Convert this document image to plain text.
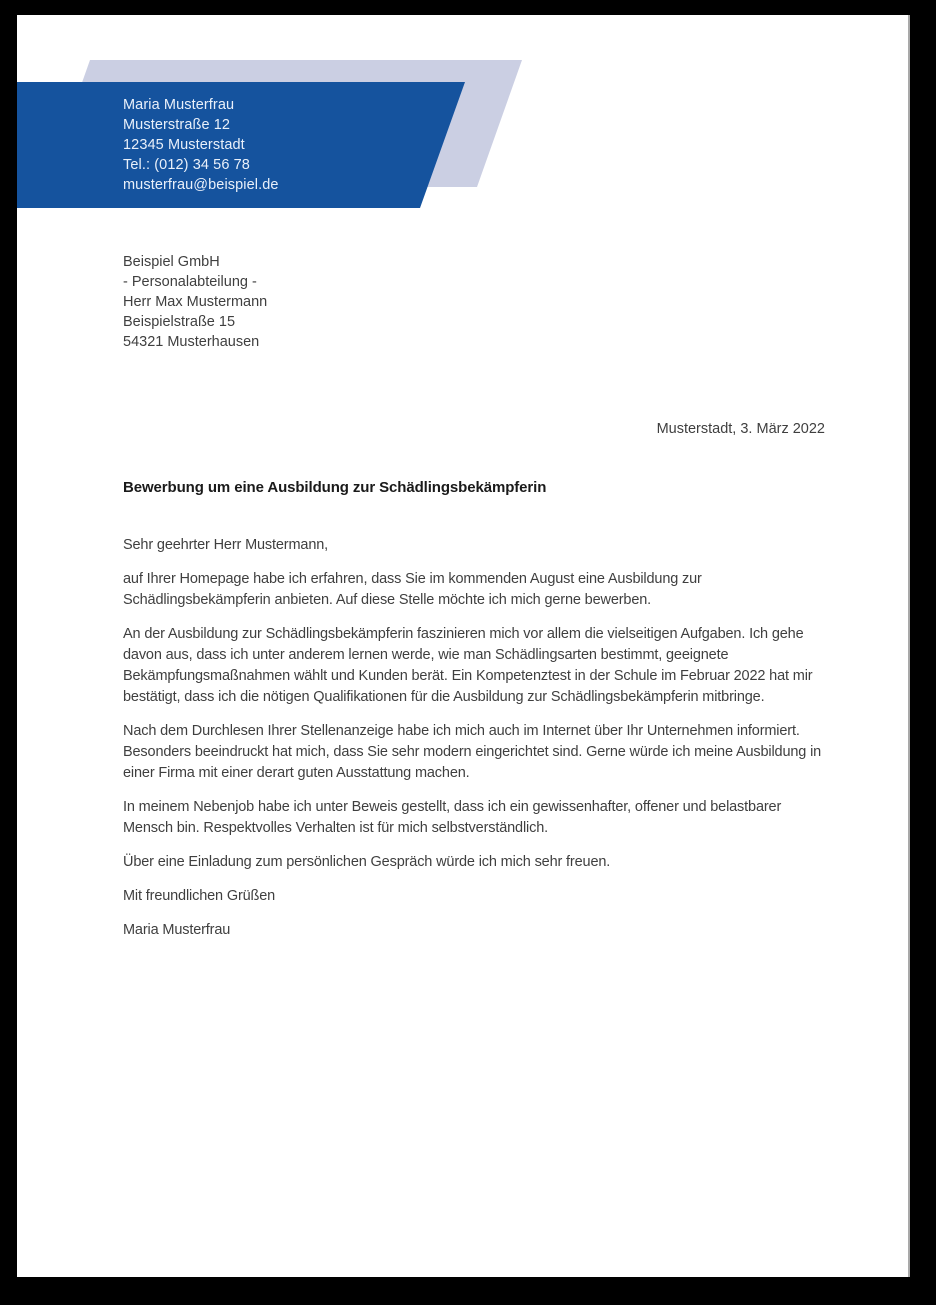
Maria Musterfrau
Musterstraße 12
12345 Musterstadt
Tel.: (012) 34 56 78
musterfrau@beispiel.de
Beispiel GmbH
- Personalabteilung -
Herr Max Mustermann
Beispielstraße 15
54321 Musterhausen
Musterstadt, 3. März 2022
Bewerbung um eine Ausbildung zur Schädlingsbekämpferin

Sehr geehrter Herr Mustermann,

auf Ihrer Homepage habe ich erfahren, dass Sie im kommenden August eine Ausbildung zur Schädlingsbekämpferin anbieten. Auf diese Stelle möchte ich mich gerne bewerben.

An der Ausbildung zur Schädlingsbekämpferin faszinieren mich vor allem die vielseitigen Aufgaben. Ich gehe davon aus, dass ich unter anderem lernen werde, wie man Schädlingsarten bestimmt, geeignete Bekämpfungsmaßnahmen wählt und Kunden berät. Ein Kompetenztest in der Schule im Februar 2022 hat mir bestätigt, dass ich die nötigen Qualifikationen für die Ausbildung zur Schädlingsbekämpferin mitbringe.

Nach dem Durchlesen Ihrer Stellenanzeige habe ich mich auch im Internet über Ihr Unternehmen informiert. Besonders beeindruckt hat mich, dass Sie sehr modern eingerichtet sind. Gerne würde ich meine Ausbildung in einer Firma mit einer derart guten Ausstattung machen.

In meinem Nebenjob habe ich unter Beweis gestellt, dass ich ein gewissenhafter, offener und belastbarer Mensch bin. Respektvolles Verhalten ist für mich selbstverständlich.

Über eine Einladung zum persönlichen Gespräch würde ich mich sehr freuen.

Mit freundlichen Grüßen

Maria Musterfrau
